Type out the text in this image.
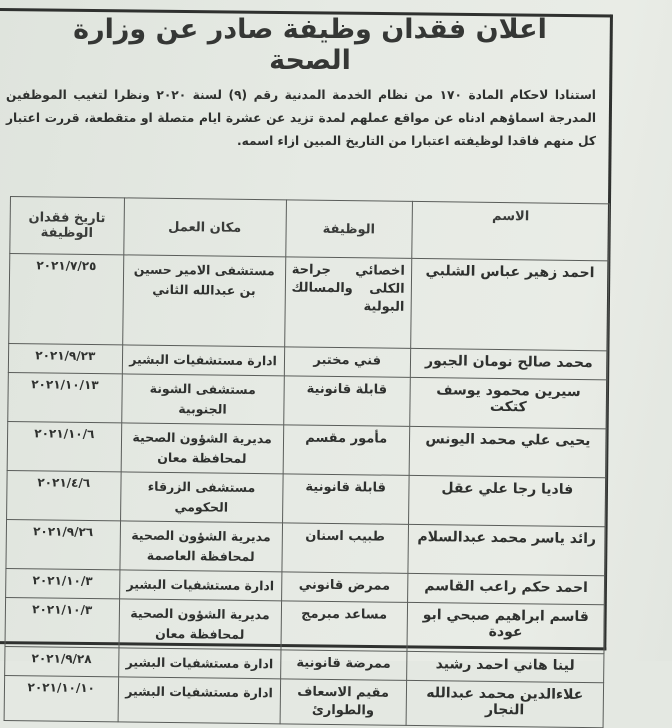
اعلان فقدان وظيفة صادر عن وزارة الصحة
استنادا لاحكام المادة ١٧٠ من نظام الخدمة المدنية رقم (٩) لسنة ٢٠٢٠ ونظرا لتغيب الموظفين المدرجة اسماؤهم ادناه عن مواقع عملهم لمدة تزيد عن عشرة ايام متصلة او متقطعة، قررت اعتبار كل منهم فاقدا لوظيفته اعتبارا من التاريخ المبين ازاء اسمه.
الاسم	الوظيفة	مكان العمل	تاريخ فقدان الوظيفة
احمد زهير عباس الشلبي	اخصائي جراحة الكلى والمسالك البولية	مستشفى الامير حسين بن عبدالله الثاني	٢٠٢١/٧/٢٥
محمد صالح نومان الجبور	فني مختبر	ادارة مستشفيات البشير	٢٠٢١/٩/٢٣
سيرين محمود يوسف كتكت	قابلة قانونية	مستشفى الشونة الجنوبية	٢٠٢١/١٠/١٣
يحيى علي محمد اليونس	مأمور مقسم	مديرية الشؤون الصحية لمحافظة معان	٢٠٢١/١٠/٦
فاديا رجا علي عقل	قابلة قانونية	مستشفى الزرقاء الحكومي	٢٠٢١/٤/٦
رائد ياسر محمد عبدالسلام	طبيب اسنان	مديرية الشؤون الصحية لمحافظة العاصمة	٢٠٢١/٩/٢٦
احمد حكم راعب القاسم	ممرض قانوني	ادارة مستشفيات البشير	٢٠٢١/١٠/٣
قاسم ابراهيم صبحي ابو عودة	مساعد مبرمج	مديرية الشؤون الصحية لمحافظة معان	٢٠٢١/١٠/٣
لينا هاني احمد رشيد	ممرضة قانونية	ادارة مستشفيات البشير	٢٠٢١/٩/٢٨
علاءالدين محمد عبدالله النجار	مقيم الاسعاف والطوارئ	ادارة مستشفيات البشير	٢٠٢١/١٠/١٠
